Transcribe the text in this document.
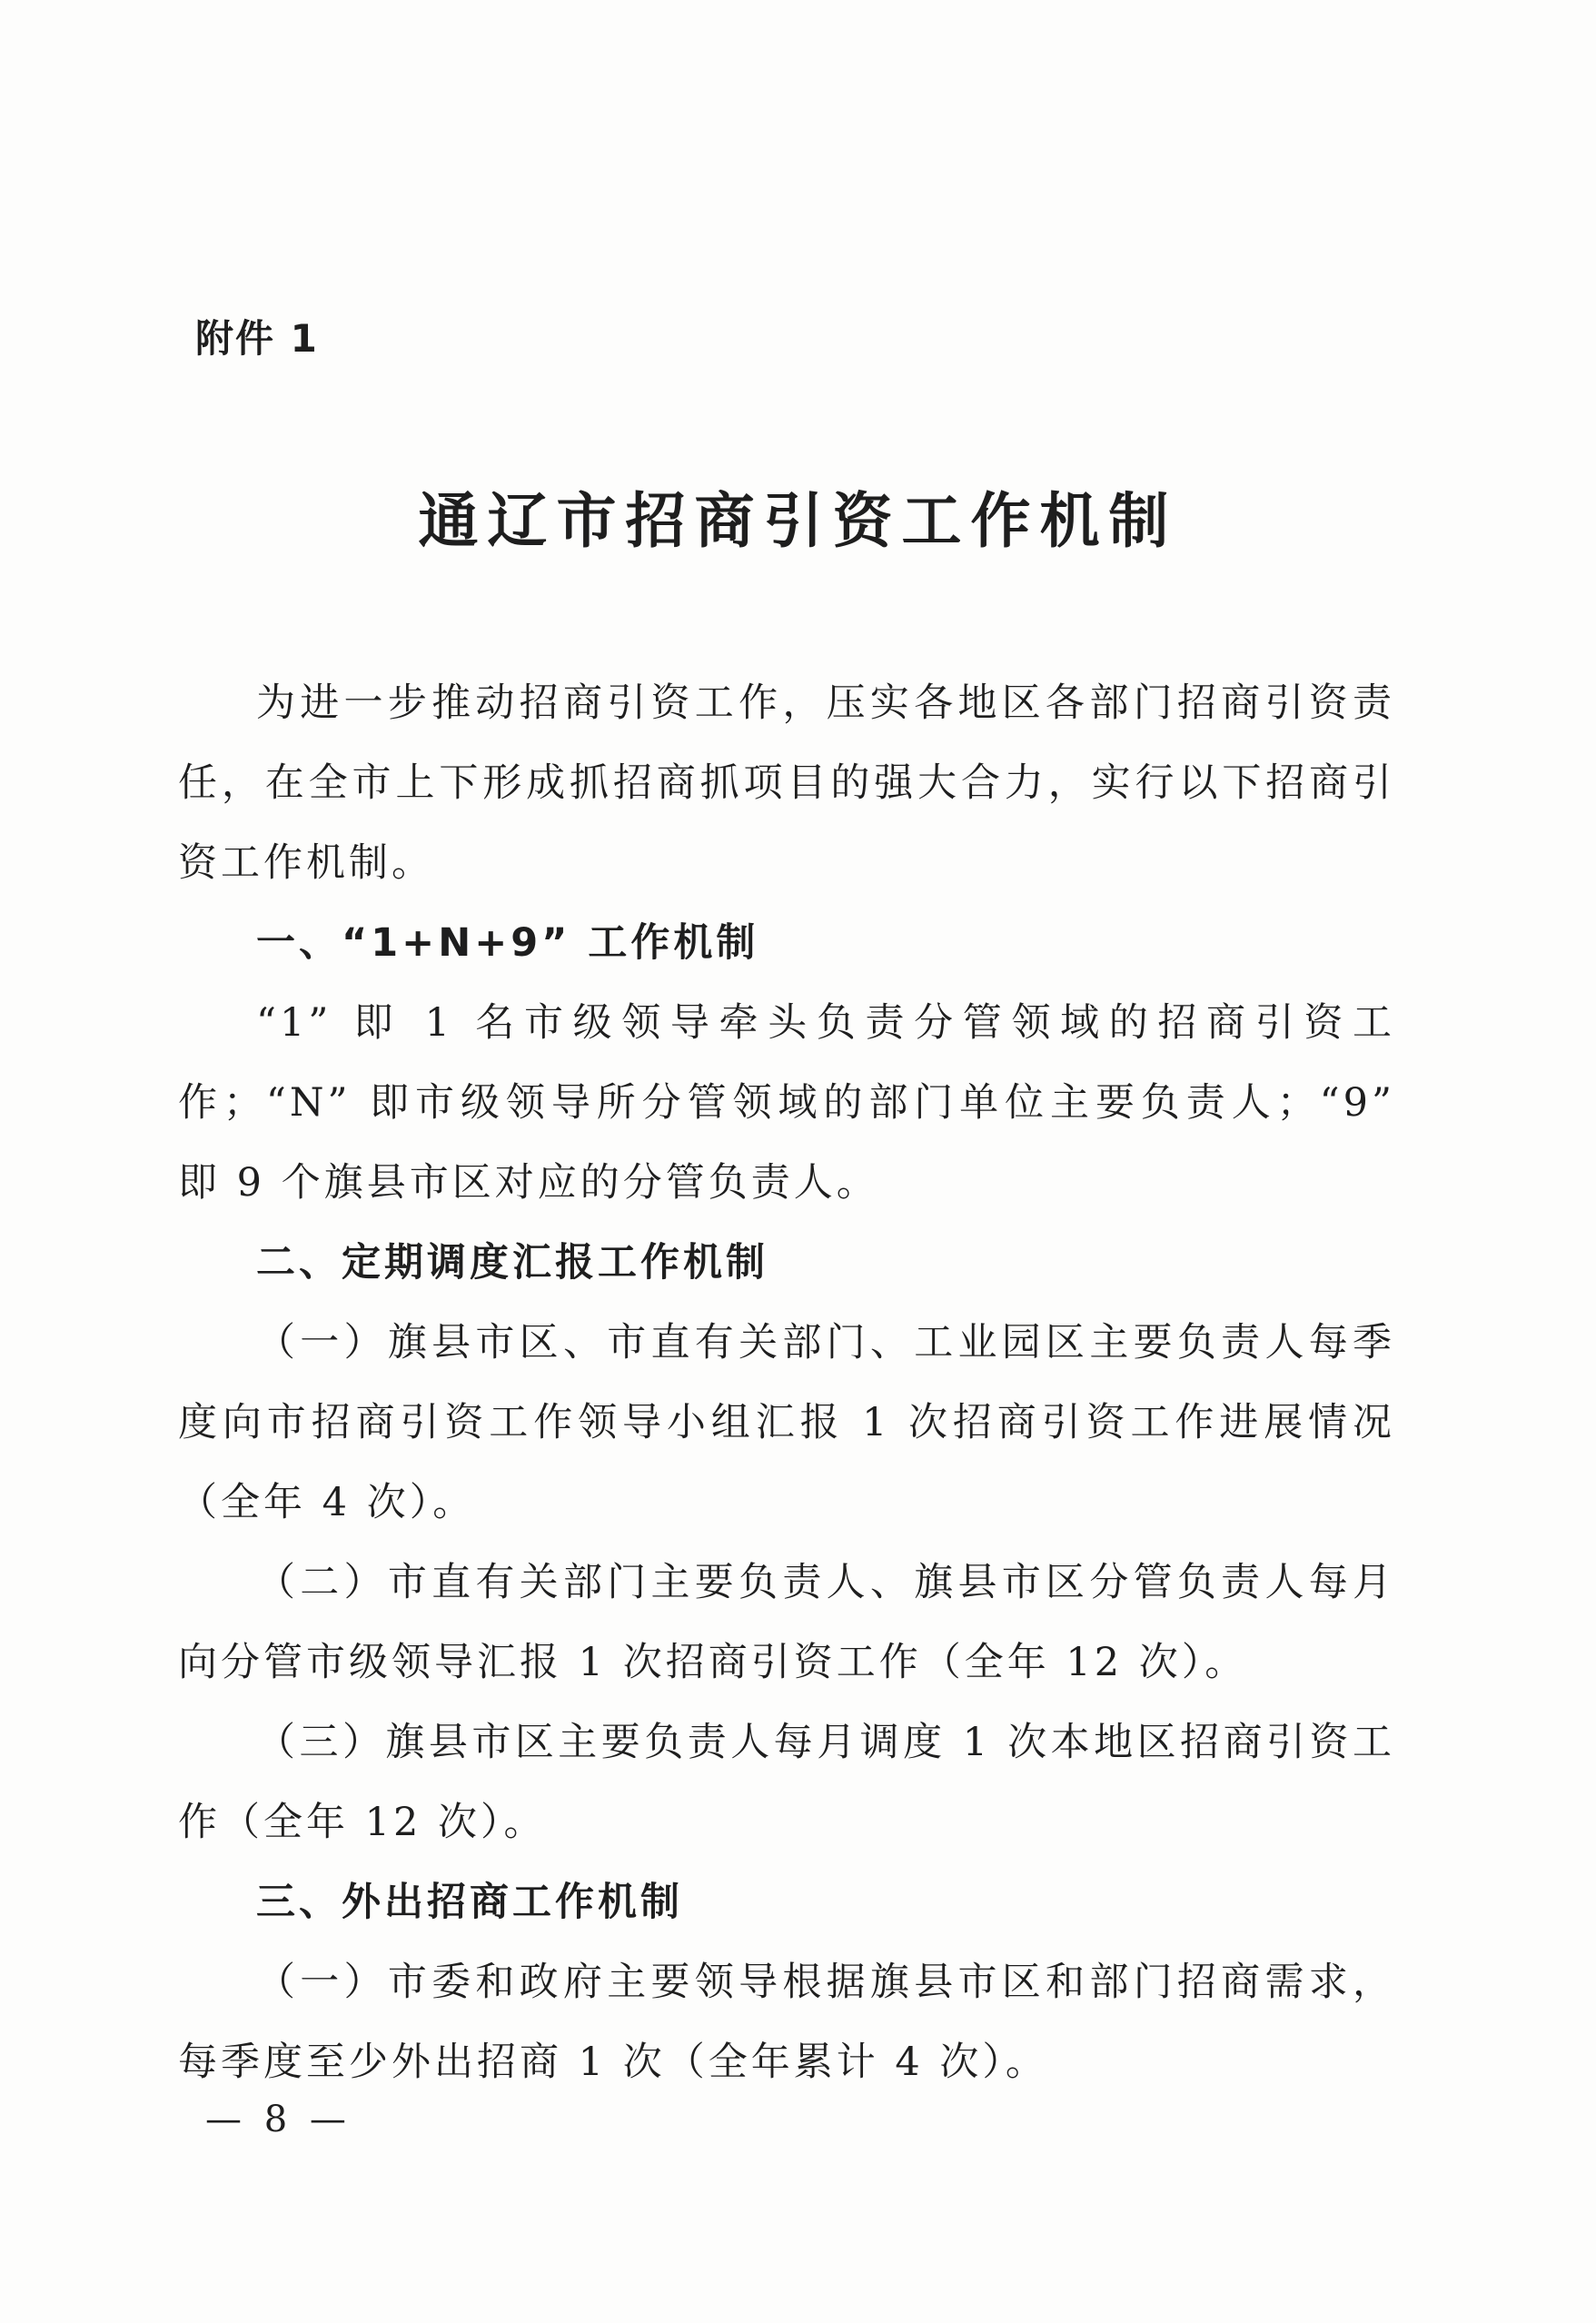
附件 1
通辽市招商引资工作机制

为进一步推动招商引资工作，压实各地区各部门招商引资责任，在全市上下形成抓招商抓项目的强大合力，实行以下招商引资工作机制。

一、“1+N+9” 工作机制

“1” 即 1 名市级领导牵头负责分管领域的招商引资工作；“N” 即市级领导所分管领域的部门单位主要负责人；“9” 即 9 个旗县市区对应的分管负责人。

二、定期调度汇报工作机制

（一）旗县市区、市直有关部门、工业园区主要负责人每季度向市招商引资工作领导小组汇报 1 次招商引资工作进展情况（全年 4 次）。

（二）市直有关部门主要负责人、旗县市区分管负责人每月向分管市级领导汇报 1 次招商引资工作（全年 12 次）。

（三）旗县市区主要负责人每月调度 1 次本地区招商引资工作（全年 12 次）。

三、外出招商工作机制

（一）市委和政府主要领导根据旗县市区和部门招商需求，每季度至少外出招商 1 次（全年累计 4 次）。

— 8 —
